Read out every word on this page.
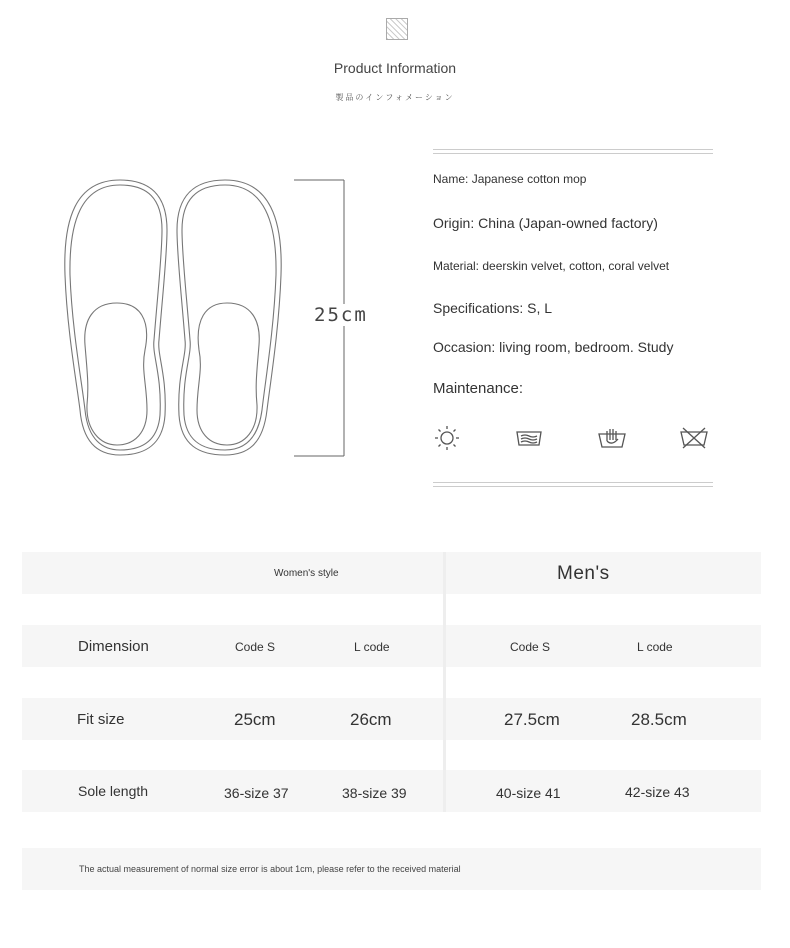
Product Information
製品のインフォメーション
25cm
Name: Japanese cotton mop
Origin: China (Japan-owned factory)
Material: deerskin velvet, cotton, coral velvet
Specifications: S, L
Occasion: living room, bedroom. Study
Maintenance:
Women's style	Men's
Dimension	Code S	L code	Code S	L code
Fit size	25cm	26cm	27.5cm	28.5cm
Sole length	36-size 37	38-size 39	40-size 41	42-size 43
The actual measurement of normal size error is about 1cm, please refer to the received material
